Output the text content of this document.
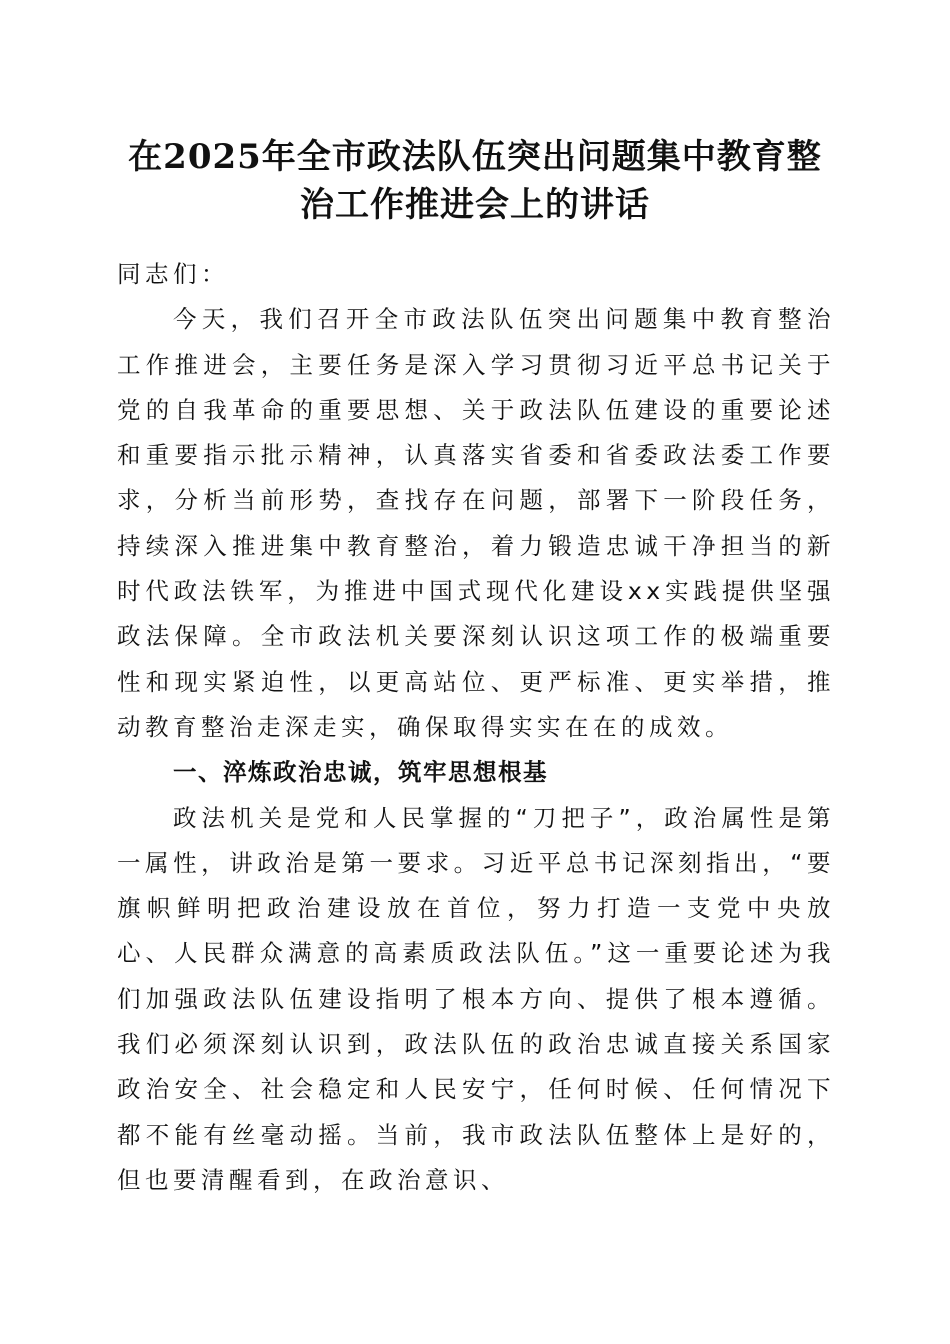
在2025年全市政法队伍突出问题集中教育整
治工作推进会上的讲话

同志们：

今天，我们召开全市政法队伍突出问题集中教育整治工作推进会，主要任务是深入学习贯彻习近平总书记关于党的自我革命的重要思想、关于政法队伍建设的重要论述和重要指示批示精神，认真落实省委和省委政法委工作要求，分析当前形势，查找存在问题，部署下一阶段任务，持续深入推进集中教育整治，着力锻造忠诚干净担当的新时代政法铁军，为推进中国式现代化建设xx实践提供坚强政法保障。全市政法机关要深刻认识这项工作的极端重要性和现实紧迫性，以更高站位、更严标准、更实举措，推动教育整治走深走实，确保取得实实在在的成效。

一、淬炼政治忠诚，筑牢思想根基

政法机关是党和人民掌握的“刀把子”，政治属性是第一属性，讲政治是第一要求。习近平总书记深刻指出，“要旗帜鲜明把政治建设放在首位，努力打造一支党中央放心、人民群众满意的高素质政法队伍。”这一重要论述为我们加强政法队伍建设指明了根本方向、提供了根本遵循。我们必须深刻认识到，政法队伍的政治忠诚直接关系国家政治安全、社会稳定和人民安宁，任何时候、任何情况下都不能有丝毫动摇。当前，我市政法队伍整体上是好的，但也要清醒看到，在政治意识、
